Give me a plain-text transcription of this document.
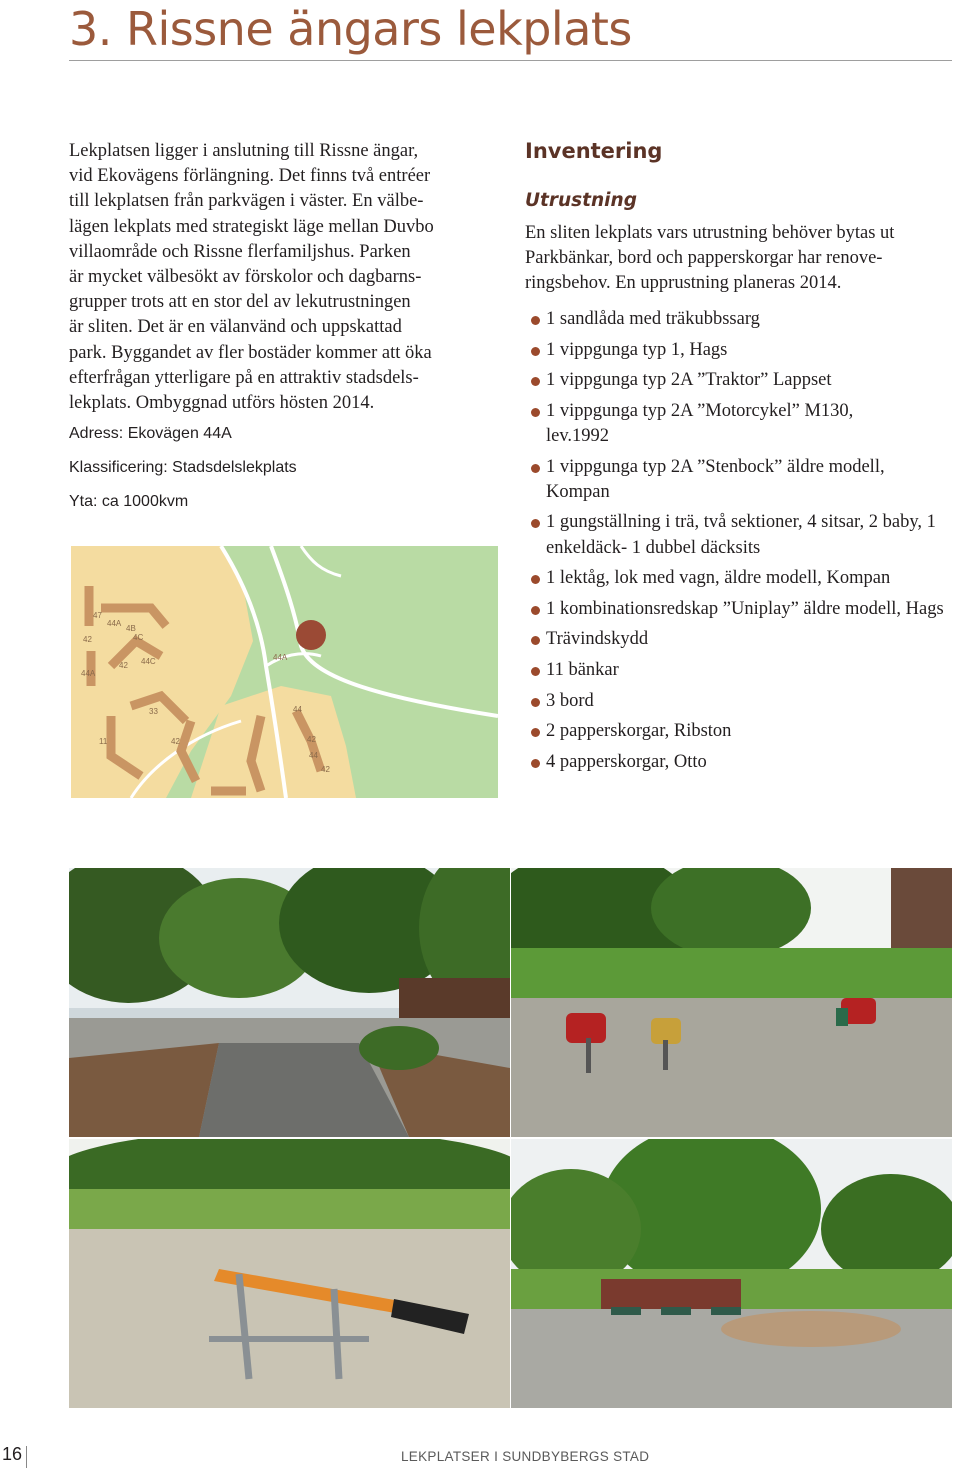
3. Rissne ängars lekplats

Lekplatsen ligger i anslutning till Rissne ängar,
vid Ekovägens förlängning. Det finns två entréer
till lekplatsen från parkvägen i väster. En välbe-
lägen lekplats med strategiskt läge mellan Duvbo
villaområde och Rissne flerfamiljshus. Parken
är mycket välbesökt av förskolor och dagbarns-
grupper trots att en stor del av lekutrustningen
är sliten. Det är en välanvänd och uppskattad
park. Byggandet av fler bostäder kommer att öka
efterfrågan ytterligare på en attraktiv stadsdels-
lekplats. Ombyggnad utförs hösten 2014.

Adress: Ekovägen 44A

Klassificering: Stadsdelslekplats

Yta: ca 1000kvm

47
44A
4B
4C
42
44A
44C
42
44A
33
11	42
44
42
44
42
Inventering
Utrustning

En sliten lekplats vars utrustning behöver bytas ut
Parkbänkar, bord och papperskorgar har renove-
ringsbehov. En upprustning planeras 2014.

1 sandlåda med träkubbssarg
1 vippgunga typ 1, Hags
1 vippgunga typ 2A ”Traktor” Lappset
1 vippgunga typ 2A ”Motorcykel” M130, lev.1992
1 vippgunga typ 2A ”Stenbock” äldre modell, Kompan
1 gungställning i trä, två sektioner, 4 sitsar, 2 baby, 1 enkeldäck- 1 dubbel däcksits
1 lektåg, lok med vagn, äldre modell, Kompan
1 kombinationsredskap ”Uniplay” äldre modell, Hags
Trävindskydd
11 bänkar
3 bord
2 papperskorgar, Ribston
4 papperskorgar, Otto
16	LEKPLATSER I SUNDBYBERGS STAD
